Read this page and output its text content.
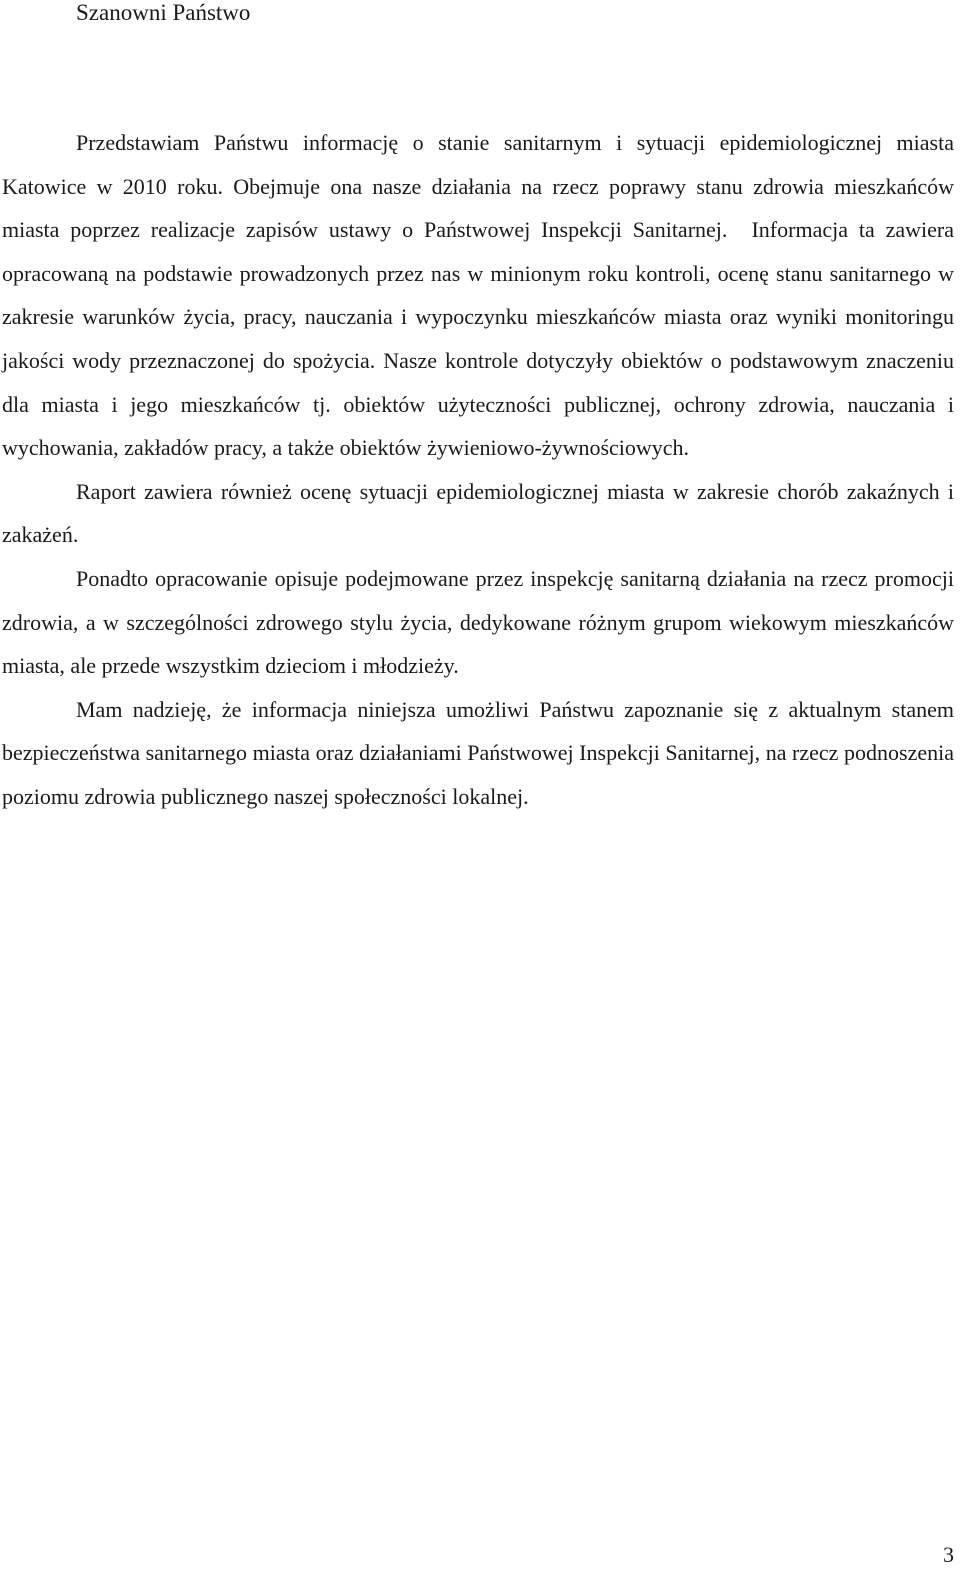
Szanowni Państwo

Przedstawiam Państwu informację o stanie sanitarnym i sytuacji epidemiologicznej miasta Katowice w 2010 roku. Obejmuje ona nasze działania na rzecz poprawy stanu zdrowia mieszkańców miasta poprzez realizacje zapisów ustawy o Państwowej Inspekcji Sanitarnej. Informacja ta zawiera opracowaną na podstawie prowadzonych przez nas w minionym roku kontroli, ocenę stanu sanitarnego w zakresie warunków życia, pracy, nauczania i wypoczynku mieszkańców miasta oraz wyniki monitoringu jakości wody przeznaczonej do spożycia. Nasze kontrole dotyczyły obiektów o podstawowym znaczeniu dla miasta i jego mieszkańców tj. obiektów użyteczności publicznej, ochrony zdrowia, nauczania i wychowania, zakładów pracy, a także obiektów żywieniowo-żywnościowych.

Raport zawiera również ocenę sytuacji epidemiologicznej miasta w zakresie chorób zakaźnych i zakażeń.

Ponadto opracowanie opisuje podejmowane przez inspekcję sanitarną działania na rzecz promocji zdrowia, a w szczególności zdrowego stylu życia, dedykowane różnym grupom wiekowym mieszkańców miasta, ale przede wszystkim dzieciom i młodzieży.

Mam nadzieję, że informacja niniejsza umożliwi Państwu zapoznanie się z aktualnym stanem bezpieczeństwa sanitarnego miasta oraz działaniami Państwowej Inspekcji Sanitarnej, na rzecz podnoszenia poziomu zdrowia publicznego naszej społeczności lokalnej.

3
